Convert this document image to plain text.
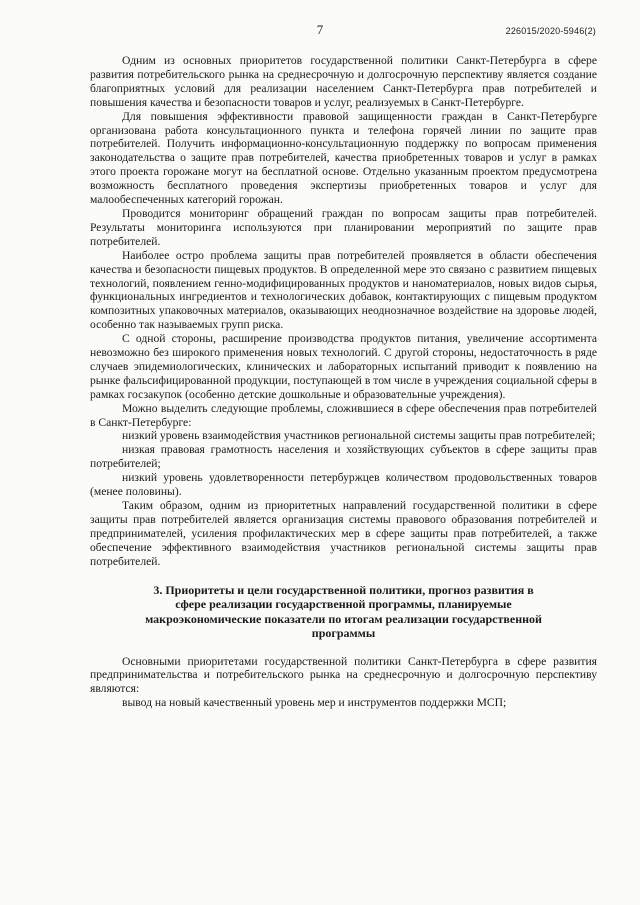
7	226015/2020-5946(2)

Одним из основных приоритетов государственной политики Санкт-Петербурга в сфере развития потребительского рынка на среднесрочную и долгосрочную перспективу является создание благоприятных условий для реализации населением Санкт-Петербурга прав потребителей и повышения качества и безопасности товаров и услуг, реализуемых в Санкт-Петербурге.

Для повышения эффективности правовой защищенности граждан в Санкт-Петербурге организована работа консультационного пункта и телефона горячей линии по защите прав потребителей. Получить информационно-консультационную поддержку по вопросам применения законодательства о защите прав потребителей, качества приобретенных товаров и услуг в рамках этого проекта горожане могут на бесплатной основе. Отдельно указанным проектом предусмотрена возможность бесплатного проведения экспертизы приобретенных товаров и услуг для малообеспеченных категорий горожан.

Проводится мониторинг обращений граждан по вопросам защиты прав потребителей. Результаты мониторинга используются при планировании мероприятий по защите прав потребителей.

Наиболее остро проблема защиты прав потребителей проявляется в области обеспечения качества и безопасности пищевых продуктов. В определенной мере это связано с развитием пищевых технологий, появлением генно-модифицированных продуктов и наноматериалов, новых видов сырья, функциональных ингредиентов и технологических добавок, контактирующих с пищевым продуктом композитных упаковочных материалов, оказывающих неоднозначное воздействие на здоровье людей, особенно так называемых групп риска.

С одной стороны, расширение производства продуктов питания, увеличение ассортимента невозможно без широкого применения новых технологий. С другой стороны, недостаточность в ряде случаев эпидемиологических, клинических и лабораторных испытаний приводит к появлению на рынке фальсифицированной продукции, поступающей в том числе в учреждения социальной сферы в рамках госзакупок (особенно детские дошкольные и образовательные учреждения).

Можно выделить следующие проблемы, сложившиеся в сфере обеспечения прав потребителей в Санкт-Петербурге:

низкий уровень взаимодействия участников региональной системы защиты прав потребителей;

низкая правовая грамотность населения и хозяйствующих субъектов в сфере защиты прав потребителей;

низкий уровень удовлетворенности петербуржцев количеством продовольственных товаров (менее половины).

Таким образом, одним из приоритетных направлений государственной политики в сфере защиты прав потребителей является организация системы правового образования потребителей и предпринимателей, усиления профилактических мер в сфере защиты прав потребителей, а также обеспечение эффективного взаимодействия участников региональной системы защиты прав потребителей.

3. Приоритеты и цели государственной политики, прогноз развития в сфере реализации государственной программы, планируемые макроэкономические показатели по итогам реализации государственной программы

Основными приоритетами государственной политики Санкт-Петербурга в сфере развития предпринимательства и потребительского рынка на среднесрочную и долгосрочную перспективу являются:

вывод на новый качественный уровень мер и инструментов поддержки МСП;
